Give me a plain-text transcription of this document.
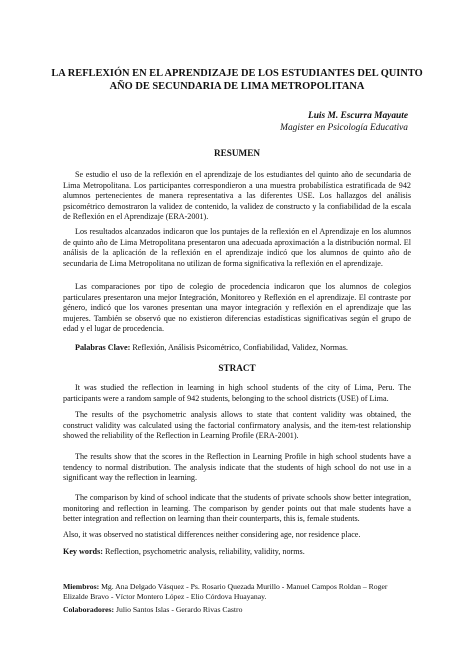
LA REFLEXIÓN EN EL APRENDIZAJE DE LOS ESTUDIANTES DEL QUINTO
AÑO DE SECUNDARIA DE LIMA METROPOLITANA
Luis M. Escurra Mayaute
Magister en Psicología Educativa
RESUMEN

Se estudio el uso de la reflexión en el aprendizaje de los estudiantes del quinto año de secundaria de Lima Metropolitana. Los participantes correspondieron a una muestra probabilística estratificada de 942 alumnos pertenecientes de manera representativa a las diferentes USE. Los hallazgos del análisis psicométrico demostraron la validez de contenido, la validez de constructo y la confiabilidad de la escala de Reflexión en el Aprendizaje (ERA-2001).

Los resultados alcanzados indicaron que los puntajes de la reflexión en el Aprendizaje en los alumnos de quinto año de Lima Metropolitana presentaron una adecuada aproximación a la distribución normal. El análisis de la aplicación de la reflexión en el aprendizaje indicó que los alumnos de quinto año de secundaria de Lima Metropolitana no utilizan de forma significativa la reflexión en el aprendizaje.

Las comparaciones por tipo de colegio de procedencia indicaron que los alumnos de colegios particulares presentaron una mejor Integración, Monitoreo y Reflexión en el aprendizaje. El contraste por género, indicó que los varones presentan una mayor integración y reflexión en el aprendizaje que las mujeres. También se observó que no existieron diferencias estadísticas significativas según el grupo de edad y el lugar de procedencia.

Palabras Clave: Reflexión, Análisis Psicométrico, Confiabilidad, Validez, Normas.

STRACT

It was studied the reflection in learning in high school students of the city of Lima, Peru. The participants were a random sample of 942 students, belonging to the school districts (USE) of Lima.

The results of the psychometric analysis allows to state that content validity was obtained, the construct validity was calculated using the factorial confirmatory analysis, and the item-test relationship showed the reliability of the Reflection in Learning Profile (ERA-2001).

The results show that the scores in the Reflection in Learning Profile in high school students have a tendency to normal distribution. The analysis indicate that the students of high school do not use in a significant way the reflection in learning.

The comparison by kind of school indicate that the students of private schools show better integration, monitoring and reflection in learning. The comparison by gender points out that male students have a better integration and reflection on learning than their counterparts, this is, female students.

Also, it was observed no statistical differences neither considering age, nor residence place.

Key words: Reflection, psychometric analysis, reliability, validity, norms.

Miembros: Mg. Ana Delgado Vásquez - Ps. Rosario Quezada Murillo - Manuel Campos Roldan – Roger Elizalde Bravo - Víctor Montero López - Elio Córdova Huayanay.

Colaboradores: Julio Santos Islas - Gerardo Rivas Castro
